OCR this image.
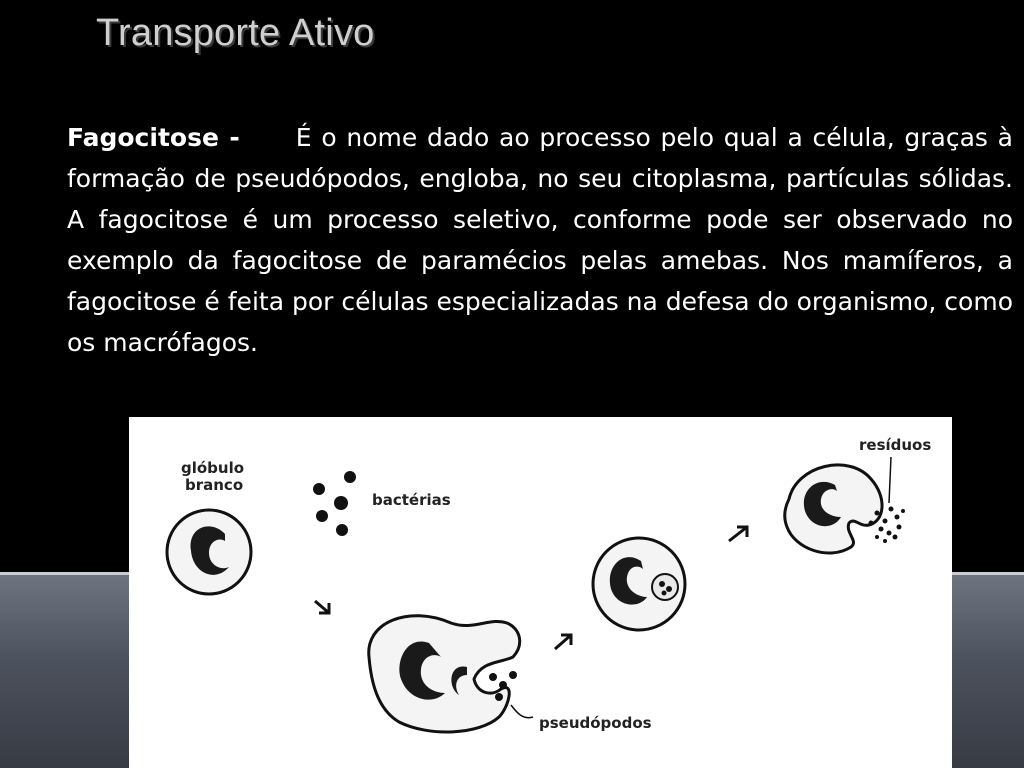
Transporte Ativo

Fagocitose - É o nome dado ao processo pelo qual a célula, graças à formação de pseudópodos, engloba, no seu citoplasma, partículas sólidas. A fagocitose é um processo seletivo, conforme pode ser observado no exemplo da fagocitose de paramécios pelas amebas. Nos mamíferos, a fagocitose é feita por células especializadas na defesa do organismo, como os macrófagos.

glóbulo
branco
bactérias
pseudópodos
resíduos
